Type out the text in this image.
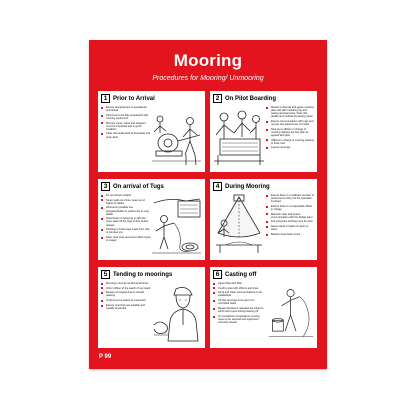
Mooring
Procedures for Mooring/ Unmooring
1 Prior to Arrival
Ensure all equipment is operational and tested
Personnel to be fully acquainted with mooring equipment
Mooring ropes, wires and stoppers must be inspected and in good condition
Clear, illuminate both at forecastle and poop deck
2 On Pilot Boarding
Master to discuss and agree mooring plan with pilot including tug and towing arrangements. Pass this details and method of passing ropes
Ensure communication with tugs and remote sea stations are on board
Stop as to officers in charge of mooring stations the first plan as agreed with pilot
Officers in charge of mooring stations to brief crew
Layout moorings
3 On arrival of Tugs
Do not stand in bights
Never walk over lines, keep out of bights of cables
Whenever possible use gangway/ladder in preference to rope ladder
Supervision in bring tug in tight but tuner slack off the tugs oil line before release
Pilot/tugs of slow tugs made from ship of minutes tow
Keep clear lines and never allow ropes to snagor
4 During Mooring
Ensure there is a sufficient number of personnel to carry out the operation involved
Ensure there is a responsible officer in charge
Maintain clear and proper communication with the bridge team
Full protective clothing must be worn
Never stand in bights of ropes or wires
Beware snap-back zones
5 Tending to moorings
Moorings must be tended at all times
Inform officer of the watch of any slack
Beware of surging due to vessels passing
At all times be aware of snap-back
Ensure moorings are suitable and equally tensioned
6 Casting off
Agree Plan with Pilot
Confirm plan with officers and crew
Send and Clear communications to be established
All ship and tugs to be part of to controlled basis
Master disclosure released are travel to winch and ropes during heaving off
On completion of operations moving ropes to be secured and equipment correctly stowed
P 99
